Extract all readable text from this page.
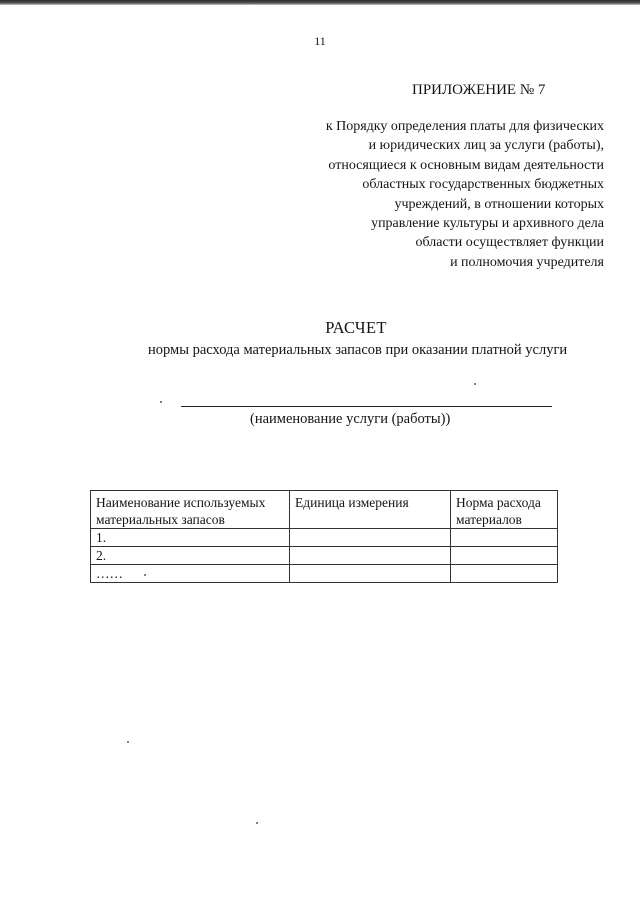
11
ПРИЛОЖЕНИЕ № 7
к Порядку определения платы для физических
и юридических лиц за услуги (работы),
относящиеся к основным видам деятельности
областных государственных бюджетных
учреждений, в отношении которых
управление культуры и архивного дела
области осуществляет функции
и полномочия учредителя
РАСЧЕТ
нормы расхода материальных запасов при оказании платной услуги
(наименование услуги (работы))
Наименование используемых материальных запасов	Единица измерения	Норма расхода материалов
1.		
2.		
……		
